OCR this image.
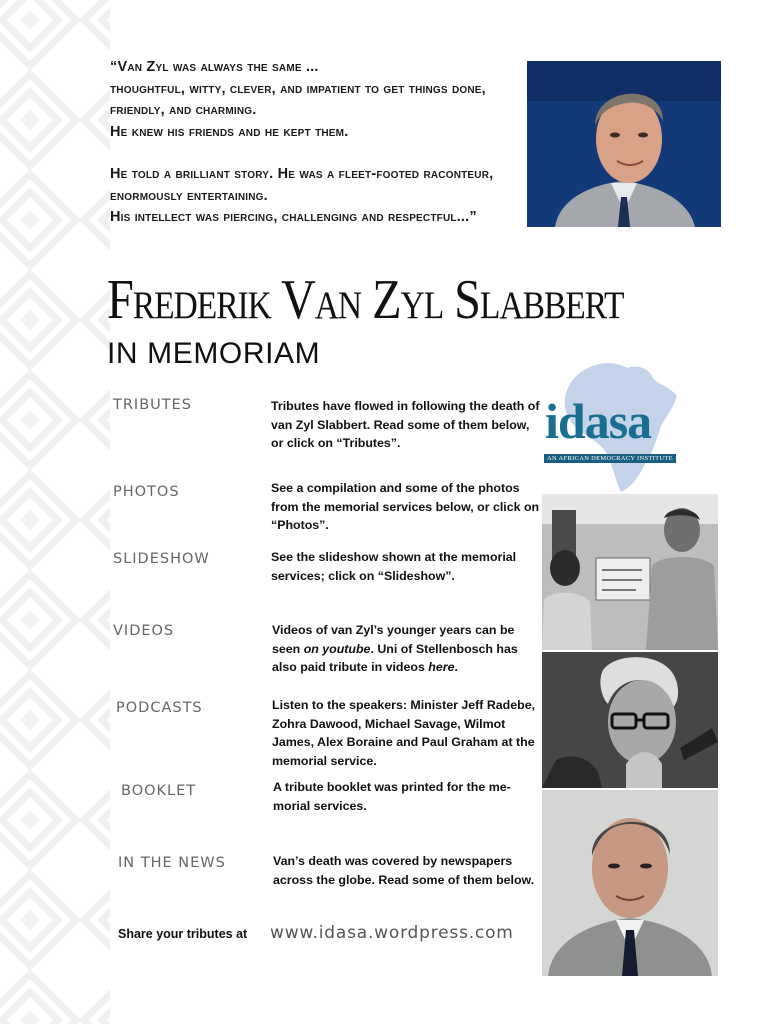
“Van Zyl was always the same ...
thoughtful, witty, clever, and impatient to get things done, friendly, and charming.
He knew his friends and he kept them.

He told a brilliant story. He was a fleet-footed raconteur, enormously entertaining.
His intellect was piercing, challenging and respectful...”

Frederik Van Zyl Slabbert
IN MEMORIAM
idasa
AN AFRICAN DEMOCRACY INSTITUTE
TRIBUTES
PHOTOS
SLIDESHOW
VIDEOS
PODCASTS
BOOKLET
IN THE NEWS
Tributes have flowed in following the death of van Zyl Slabbert. Read some of them below, or click on “Tributes”.
See a compilation and some of the photos from the memorial services below, or click on “Photos”.
See the slideshow shown at the memorial services; click on “Slideshow”.
Videos of van Zyl’s younger years can be seen on youtube. Uni of Stellenbosch has also paid tribute in videos here.
Listen to the speakers: Minister Jeff Radebe, Zohra Dawood, Michael Savage, Wilmot James, Alex Boraine and Paul Graham at the memorial service.
A tribute booklet was printed for the me-morial services.
Van’s death was covered by newspapers across the globe. Read some of them below.
Share your tributes at www.idasa.wordpress.com
